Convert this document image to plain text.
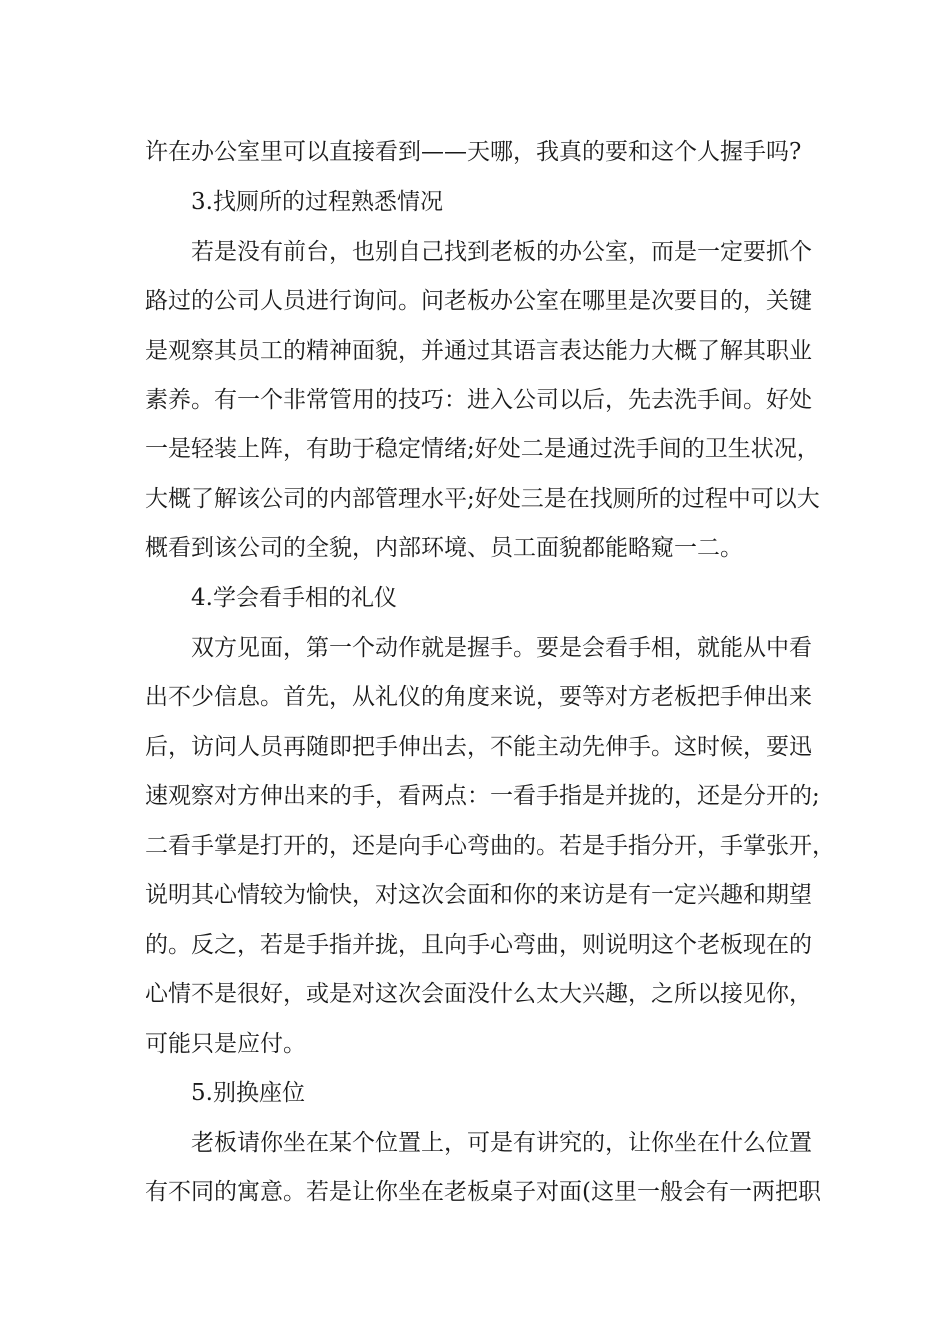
许在办公室里可以直接看到——天哪，我真的要和这个人握手吗?
3.找厕所的过程熟悉情况
若是没有前台，也别自己找到老板的办公室，而是一定要抓个
路过的公司人员进行询问。问老板办公室在哪里是次要目的，关键
是观察其员工的精神面貌，并通过其语言表达能力大概了解其职业
素养。有一个非常管用的技巧：进入公司以后，先去洗手间。好处
一是轻装上阵，有助于稳定情绪;好处二是通过洗手间的卫生状况，
大概了解该公司的内部管理水平;好处三是在找厕所的过程中可以大
概看到该公司的全貌，内部环境、员工面貌都能略窥一二。
4.学会看手相的礼仪
双方见面，第一个动作就是握手。要是会看手相，就能从中看
出不少信息。首先，从礼仪的角度来说，要等对方老板把手伸出来
后，访问人员再随即把手伸出去，不能主动先伸手。这时候，要迅
速观察对方伸出来的手，看两点：一看手指是并拢的，还是分开的;
二看手掌是打开的，还是向手心弯曲的。若是手指分开，手掌张开，
说明其心情较为愉快，对这次会面和你的来访是有一定兴趣和期望
的。反之，若是手指并拢，且向手心弯曲，则说明这个老板现在的
心情不是很好，或是对这次会面没什么太大兴趣，之所以接见你，
可能只是应付。
5.别换座位
老板请你坐在某个位置上，可是有讲究的，让你坐在什么位置
有不同的寓意。若是让你坐在老板桌子对面(这里一般会有一两把职
